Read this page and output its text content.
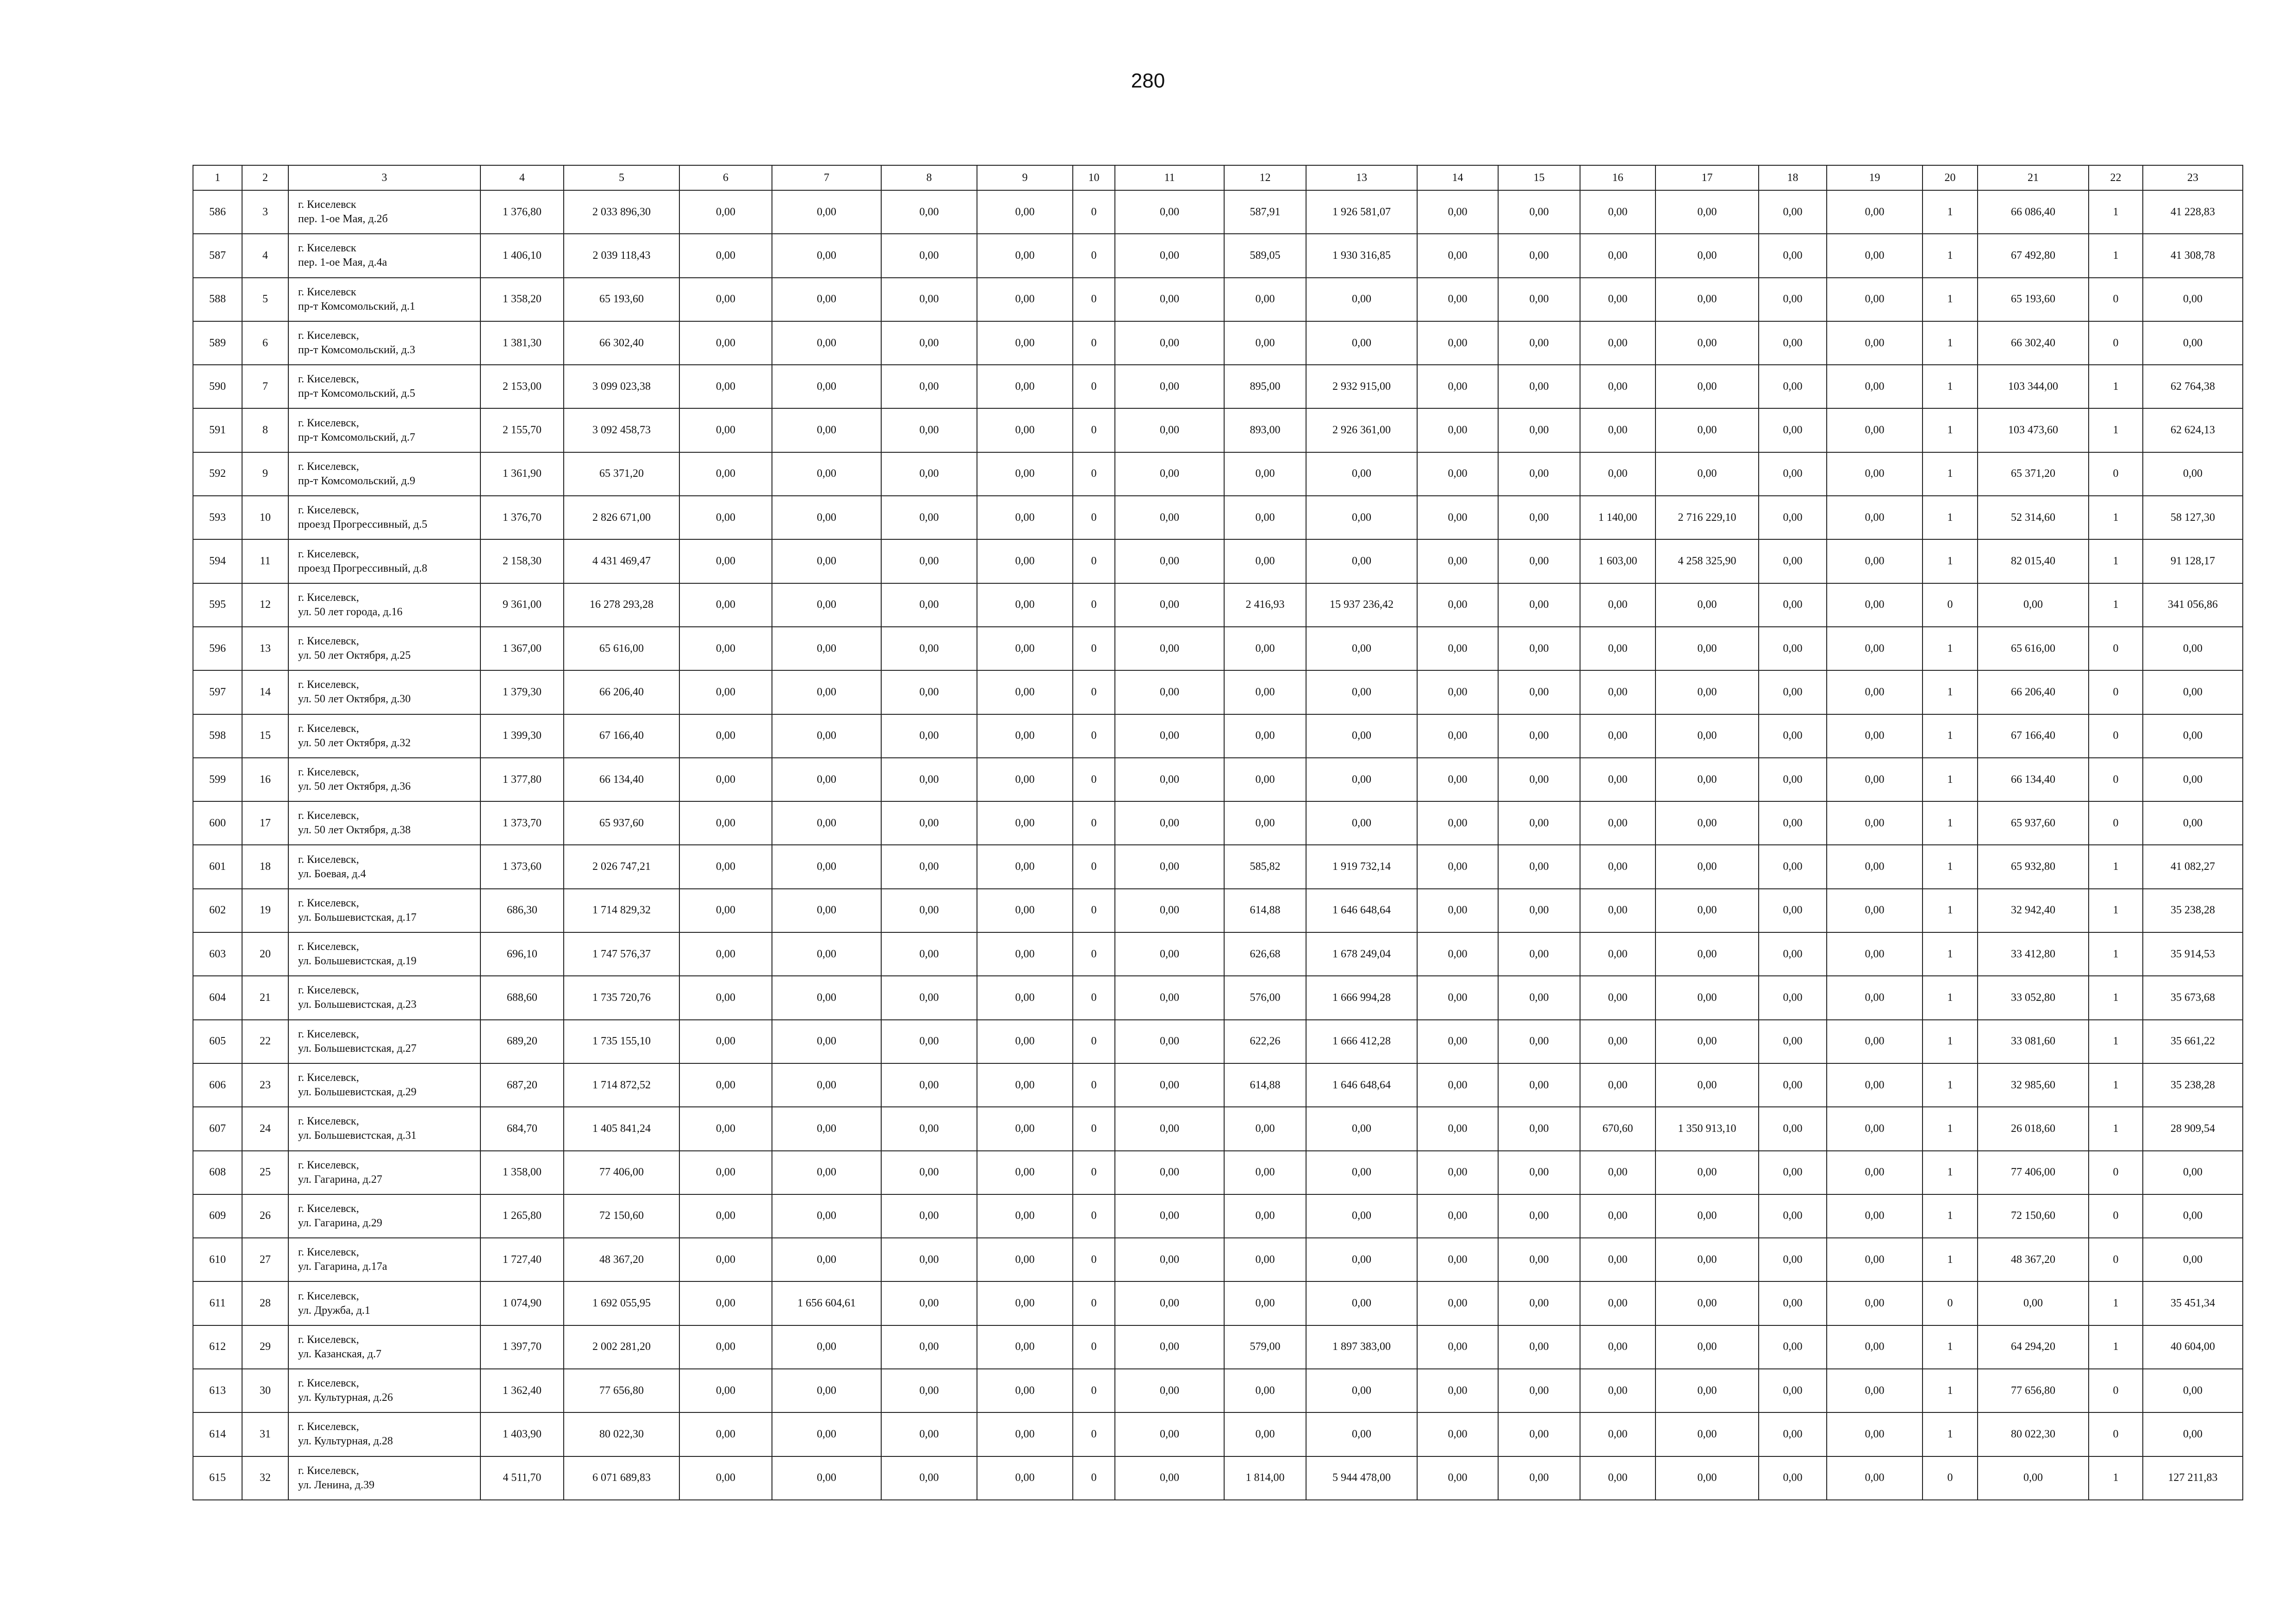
280
1	2	3	4	5	6	7	8	9	10	11	12	13	14	15	16	17	18	19	20	21	22	23
586	3	г. Киселевск
пер. 1-ое Мая, д.2б	1 376,80	2 033 896,30	0,00	0,00	0,00	0,00	0	0,00	587,91	1 926 581,07	0,00	0,00	0,00	0,00	0,00	0,00	1	66 086,40	1	41 228,83
587	4	г. Киселевск
пер. 1-ое Мая, д.4а	1 406,10	2 039 118,43	0,00	0,00	0,00	0,00	0	0,00	589,05	1 930 316,85	0,00	0,00	0,00	0,00	0,00	0,00	1	67 492,80	1	41 308,78
588	5	г. Киселевск
пр-т Комсомольский, д.1	1 358,20	65 193,60	0,00	0,00	0,00	0,00	0	0,00	0,00	0,00	0,00	0,00	0,00	0,00	0,00	0,00	1	65 193,60	0	0,00
589	6	г. Киселевск,
пр-т Комсомольский, д.3	1 381,30	66 302,40	0,00	0,00	0,00	0,00	0	0,00	0,00	0,00	0,00	0,00	0,00	0,00	0,00	0,00	1	66 302,40	0	0,00
590	7	г. Киселевск,
пр-т Комсомольский, д.5	2 153,00	3 099 023,38	0,00	0,00	0,00	0,00	0	0,00	895,00	2 932 915,00	0,00	0,00	0,00	0,00	0,00	0,00	1	103 344,00	1	62 764,38
591	8	г. Киселевск,
пр-т Комсомольский, д.7	2 155,70	3 092 458,73	0,00	0,00	0,00	0,00	0	0,00	893,00	2 926 361,00	0,00	0,00	0,00	0,00	0,00	0,00	1	103 473,60	1	62 624,13
592	9	г. Киселевск,
пр-т Комсомольский, д.9	1 361,90	65 371,20	0,00	0,00	0,00	0,00	0	0,00	0,00	0,00	0,00	0,00	0,00	0,00	0,00	0,00	1	65 371,20	0	0,00
593	10	г. Киселевск,
проезд Прогрессивный, д.5	1 376,70	2 826 671,00	0,00	0,00	0,00	0,00	0	0,00	0,00	0,00	0,00	0,00	1 140,00	2 716 229,10	0,00	0,00	1	52 314,60	1	58 127,30
594	11	г. Киселевск,
проезд Прогрессивный, д.8	2 158,30	4 431 469,47	0,00	0,00	0,00	0,00	0	0,00	0,00	0,00	0,00	0,00	1 603,00	4 258 325,90	0,00	0,00	1	82 015,40	1	91 128,17
595	12	г. Киселевск,
ул. 50 лет города, д.16	9 361,00	16 278 293,28	0,00	0,00	0,00	0,00	0	0,00	2 416,93	15 937 236,42	0,00	0,00	0,00	0,00	0,00	0,00	0	0,00	1	341 056,86
596	13	г. Киселевск,
ул. 50 лет Октября, д.25	1 367,00	65 616,00	0,00	0,00	0,00	0,00	0	0,00	0,00	0,00	0,00	0,00	0,00	0,00	0,00	0,00	1	65 616,00	0	0,00
597	14	г. Киселевск,
ул. 50 лет Октября, д.30	1 379,30	66 206,40	0,00	0,00	0,00	0,00	0	0,00	0,00	0,00	0,00	0,00	0,00	0,00	0,00	0,00	1	66 206,40	0	0,00
598	15	г. Киселевск,
ул. 50 лет Октября, д.32	1 399,30	67 166,40	0,00	0,00	0,00	0,00	0	0,00	0,00	0,00	0,00	0,00	0,00	0,00	0,00	0,00	1	67 166,40	0	0,00
599	16	г. Киселевск,
ул. 50 лет Октября, д.36	1 377,80	66 134,40	0,00	0,00	0,00	0,00	0	0,00	0,00	0,00	0,00	0,00	0,00	0,00	0,00	0,00	1	66 134,40	0	0,00
600	17	г. Киселевск,
ул. 50 лет Октября, д.38	1 373,70	65 937,60	0,00	0,00	0,00	0,00	0	0,00	0,00	0,00	0,00	0,00	0,00	0,00	0,00	0,00	1	65 937,60	0	0,00
601	18	г. Киселевск,
ул. Боевая, д.4	1 373,60	2 026 747,21	0,00	0,00	0,00	0,00	0	0,00	585,82	1 919 732,14	0,00	0,00	0,00	0,00	0,00	0,00	1	65 932,80	1	41 082,27
602	19	г. Киселевск,
ул. Большевистская, д.17	686,30	1 714 829,32	0,00	0,00	0,00	0,00	0	0,00	614,88	1 646 648,64	0,00	0,00	0,00	0,00	0,00	0,00	1	32 942,40	1	35 238,28
603	20	г. Киселевск,
ул. Большевистская, д.19	696,10	1 747 576,37	0,00	0,00	0,00	0,00	0	0,00	626,68	1 678 249,04	0,00	0,00	0,00	0,00	0,00	0,00	1	33 412,80	1	35 914,53
604	21	г. Киселевск,
ул. Большевистская, д.23	688,60	1 735 720,76	0,00	0,00	0,00	0,00	0	0,00	576,00	1 666 994,28	0,00	0,00	0,00	0,00	0,00	0,00	1	33 052,80	1	35 673,68
605	22	г. Киселевск,
ул. Большевистская, д.27	689,20	1 735 155,10	0,00	0,00	0,00	0,00	0	0,00	622,26	1 666 412,28	0,00	0,00	0,00	0,00	0,00	0,00	1	33 081,60	1	35 661,22
606	23	г. Киселевск,
ул. Большевистская, д.29	687,20	1 714 872,52	0,00	0,00	0,00	0,00	0	0,00	614,88	1 646 648,64	0,00	0,00	0,00	0,00	0,00	0,00	1	32 985,60	1	35 238,28
607	24	г. Киселевск,
ул. Большевистская, д.31	684,70	1 405 841,24	0,00	0,00	0,00	0,00	0	0,00	0,00	0,00	0,00	0,00	670,60	1 350 913,10	0,00	0,00	1	26 018,60	1	28 909,54
608	25	г. Киселевск,
ул. Гагарина, д.27	1 358,00	77 406,00	0,00	0,00	0,00	0,00	0	0,00	0,00	0,00	0,00	0,00	0,00	0,00	0,00	0,00	1	77 406,00	0	0,00
609	26	г. Киселевск,
ул. Гагарина, д.29	1 265,80	72 150,60	0,00	0,00	0,00	0,00	0	0,00	0,00	0,00	0,00	0,00	0,00	0,00	0,00	0,00	1	72 150,60	0	0,00
610	27	г. Киселевск,
ул. Гагарина, д.17а	1 727,40	48 367,20	0,00	0,00	0,00	0,00	0	0,00	0,00	0,00	0,00	0,00	0,00	0,00	0,00	0,00	1	48 367,20	0	0,00
611	28	г. Киселевск,
ул. Дружба, д.1	1 074,90	1 692 055,95	0,00	1 656 604,61	0,00	0,00	0	0,00	0,00	0,00	0,00	0,00	0,00	0,00	0,00	0,00	0	0,00	1	35 451,34
612	29	г. Киселевск,
ул. Казанская, д.7	1 397,70	2 002 281,20	0,00	0,00	0,00	0,00	0	0,00	579,00	1 897 383,00	0,00	0,00	0,00	0,00	0,00	0,00	1	64 294,20	1	40 604,00
613	30	г. Киселевск,
ул. Культурная, д.26	1 362,40	77 656,80	0,00	0,00	0,00	0,00	0	0,00	0,00	0,00	0,00	0,00	0,00	0,00	0,00	0,00	1	77 656,80	0	0,00
614	31	г. Киселевск,
ул. Культурная, д.28	1 403,90	80 022,30	0,00	0,00	0,00	0,00	0	0,00	0,00	0,00	0,00	0,00	0,00	0,00	0,00	0,00	1	80 022,30	0	0,00
615	32	г. Киселевск,
ул. Ленина, д.39	4 511,70	6 071 689,83	0,00	0,00	0,00	0,00	0	0,00	1 814,00	5 944 478,00	0,00	0,00	0,00	0,00	0,00	0,00	0	0,00	1	127 211,83
